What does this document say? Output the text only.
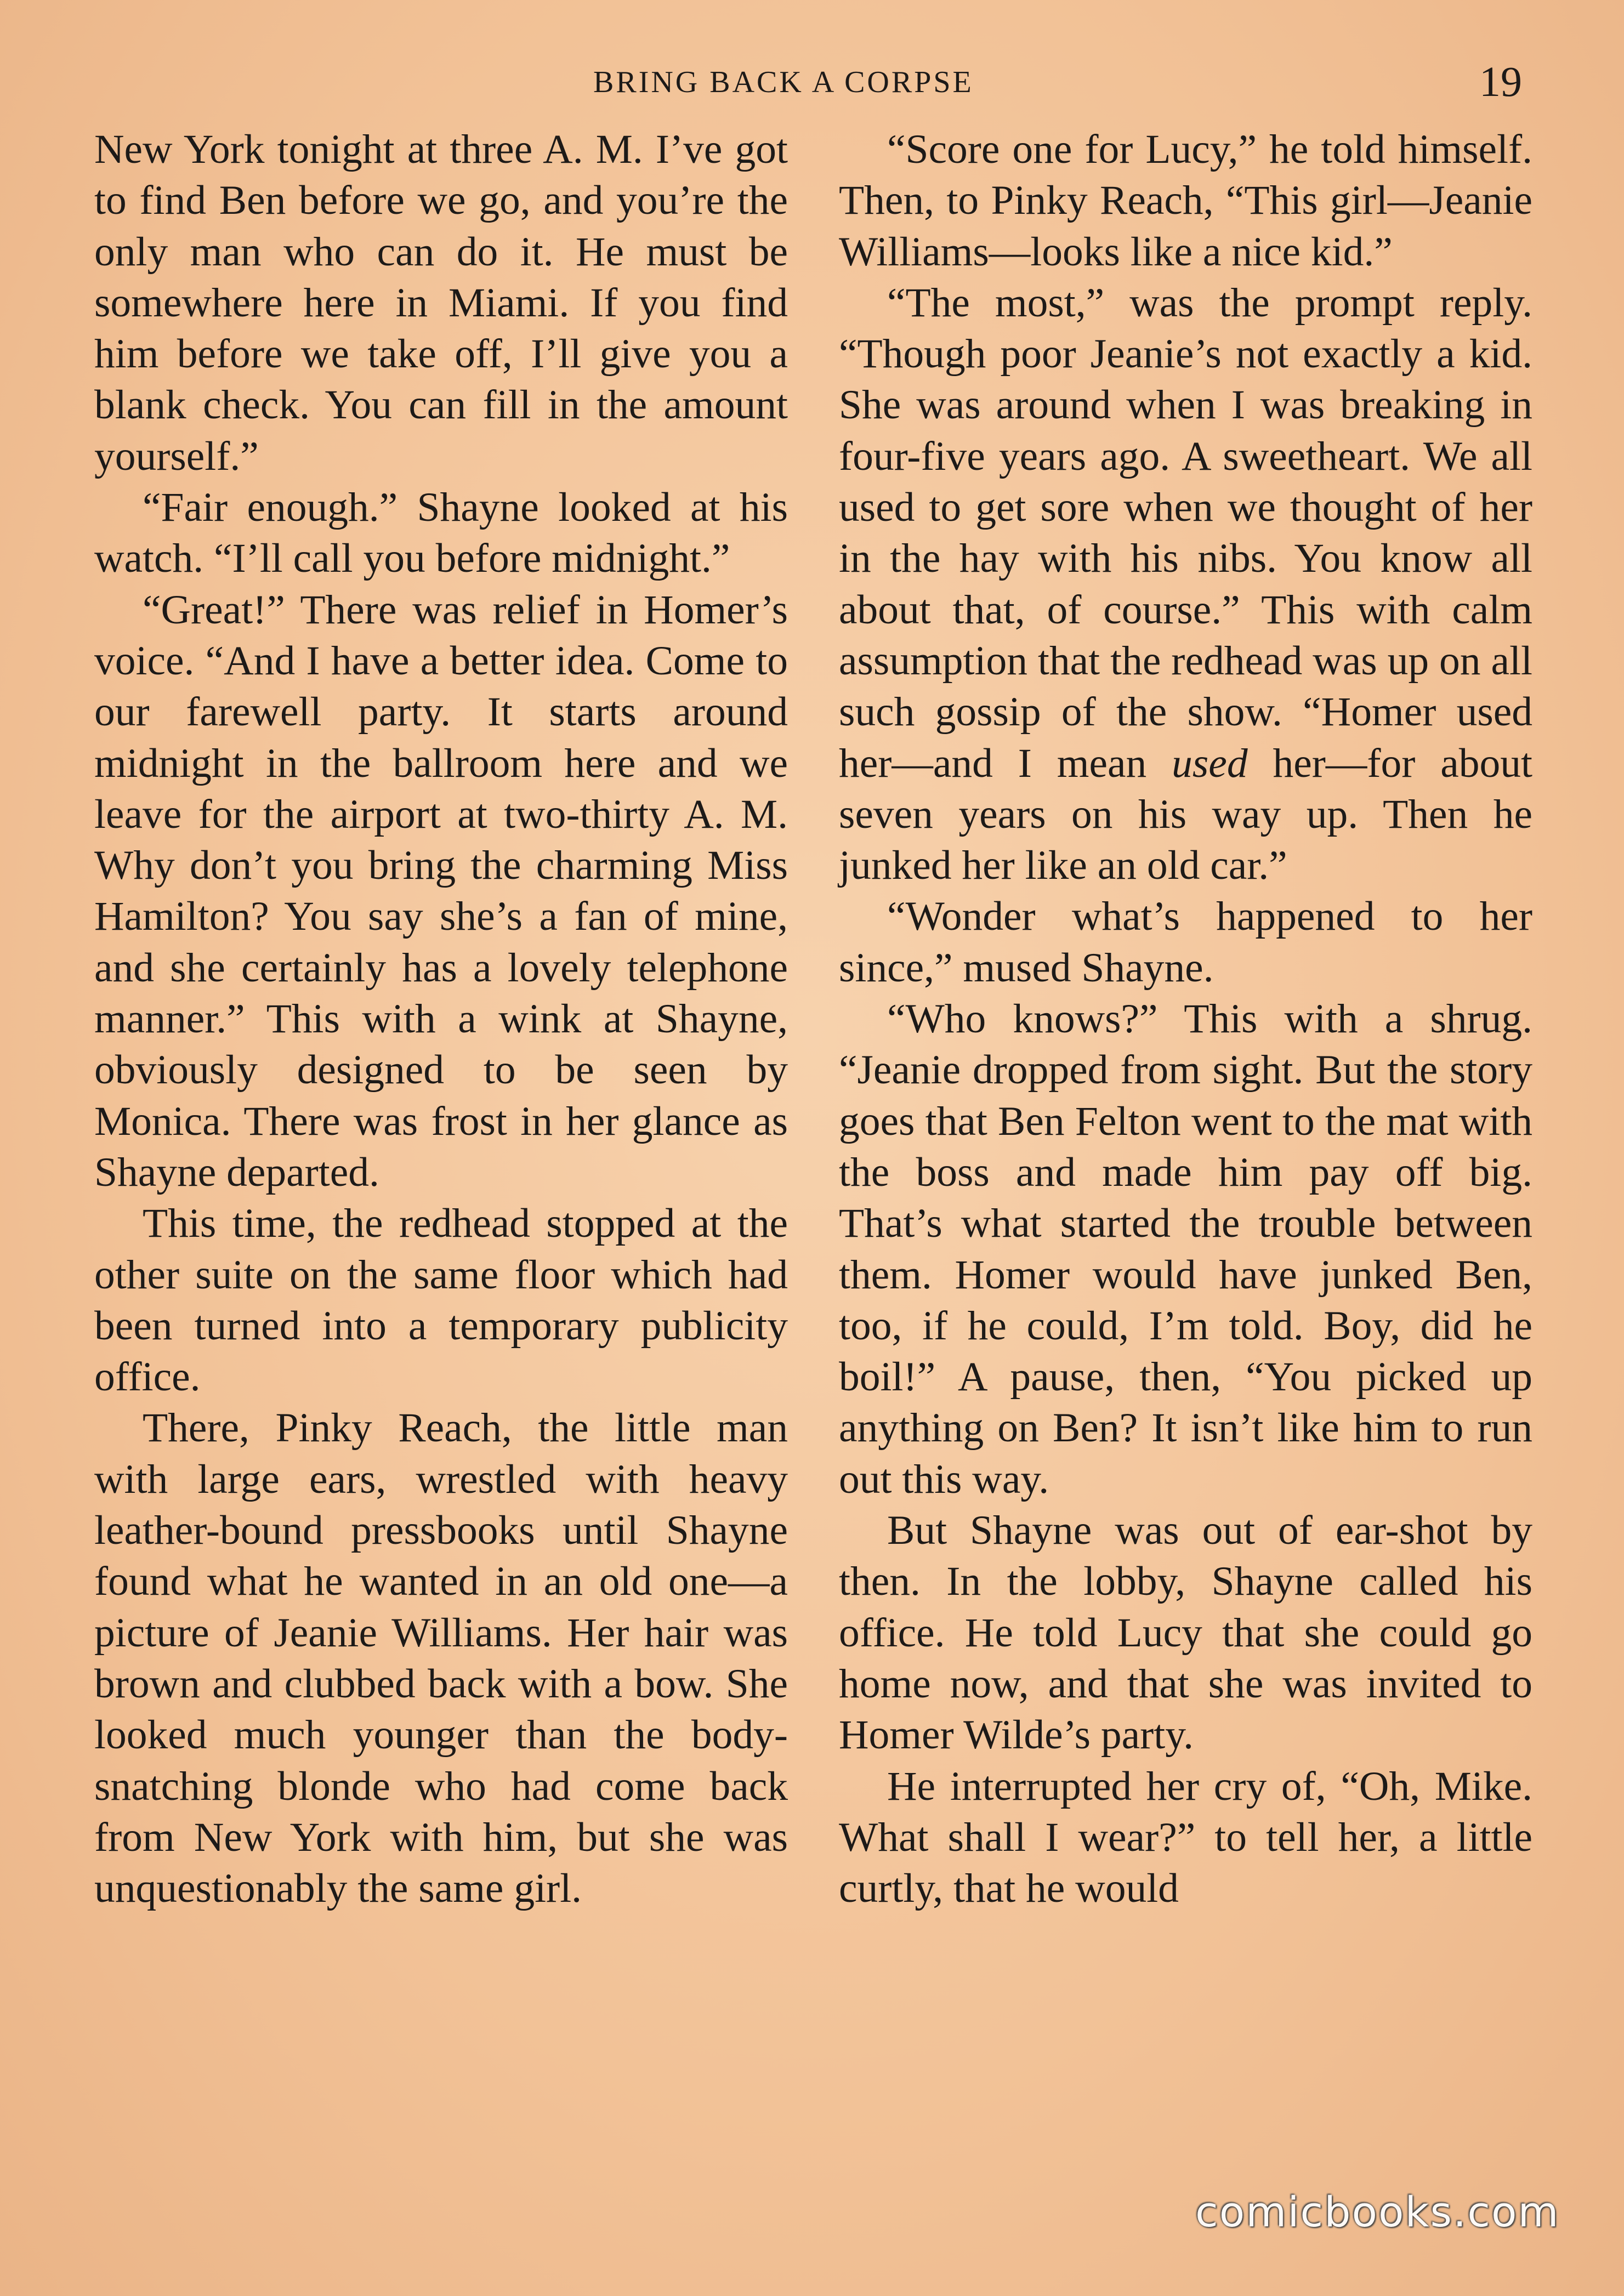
BRING BACK A CORPSE	19

New York tonight at three A. M. I’ve got to find Ben before we go, and you’re the only man who can do it. He must be somewhere here in Miami. If you find him before we take off, I’ll give you a blank check. You can fill in the amount yourself.”

“Fair enough.” Shayne looked at his watch. “I’ll call you before midnight.”

“Great!” There was relief in Homer’s voice. “And I have a better idea. Come to our farewell party. It starts around midnight in the ballroom here and we leave for the airport at two-thirty A. M. Why don’t you bring the charming Miss Hamilton? You say she’s a fan of mine, and she certainly has a lovely telephone manner.” This with a wink at Shayne, obviously designed to be seen by Monica. There was frost in her glance as Shayne departed.

This time, the redhead stopped at the other suite on the same floor which had been turned into a temporary publicity office.

There, Pinky Reach, the little man with large ears, wrestled with heavy leather-bound pressbooks until Shayne found what he wanted in an old one—a picture of Jeanie Williams. Her hair was brown and clubbed back with a bow. She looked much younger than the body-snatching blonde who had come back from New York with him, but she was unquestionably the same girl.

“Score one for Lucy,” he told himself. Then, to Pinky Reach, “This girl—Jeanie Williams—looks like a nice kid.”

“The most,” was the prompt reply. “Though poor Jeanie’s not exactly a kid. She was around when I was breaking in four-five years ago. A sweetheart. We all used to get sore when we thought of her in the hay with his nibs. You know all about that, of course.” This with calm assumption that the redhead was up on all such gossip of the show. “Homer used her—and I mean used her—for about seven years on his way up. Then he junked her like an old car.”

“Wonder what’s happened to her since,” mused Shayne.

“Who knows?” This with a shrug. “Jeanie dropped from sight. But the story goes that Ben Felton went to the mat with the boss and made him pay off big. That’s what started the trouble between them. Homer would have junked Ben, too, if he could, I’m told. Boy, did he boil!” A pause, then, “You picked up anything on Ben? It isn’t like him to run out this way.

But Shayne was out of ear-shot by then. In the lobby, Shayne called his office. He told Lucy that she could go home now, and that she was invited to Homer Wilde’s party.

He interrupted her cry of, “Oh, Mike. What shall I wear?” to tell her, a little curtly, that he would

comicbooks.com
